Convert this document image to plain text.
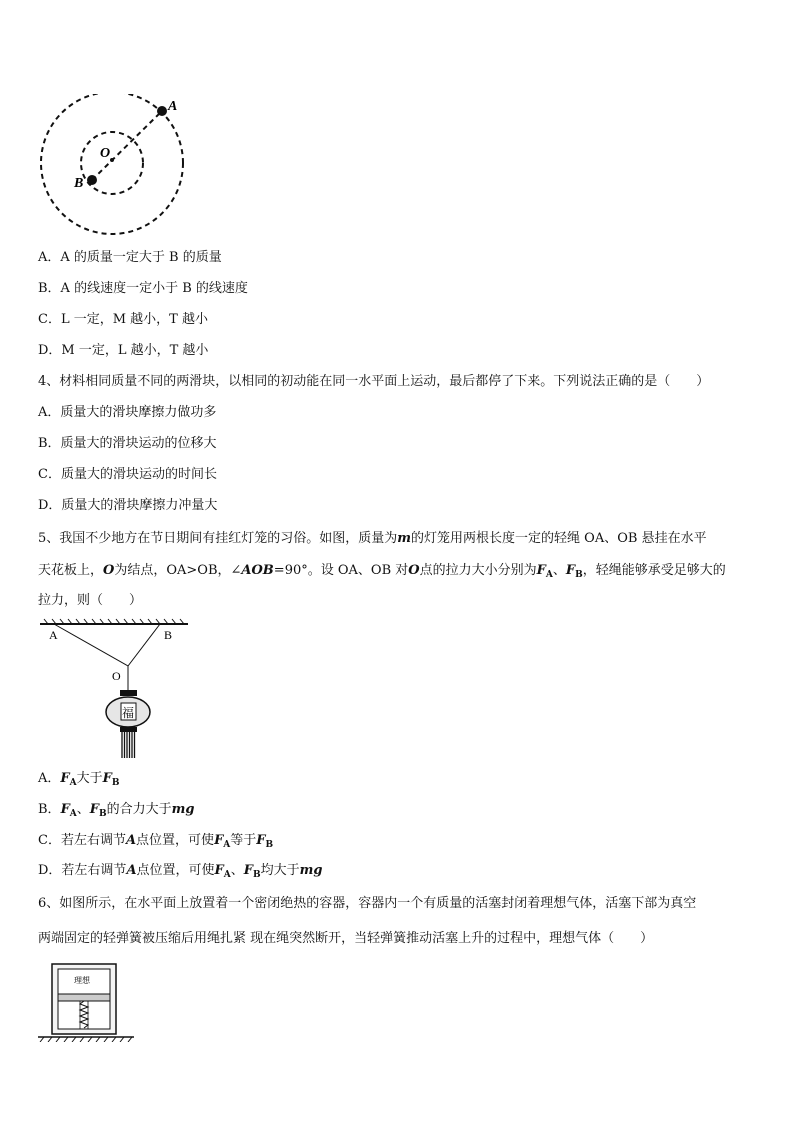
A
B
O
A．A 的质量一定大于 B 的质量
B．A 的线速度一定小于 B 的线速度
C．L 一定，M 越小，T 越小
D．M 一定，L 越小，T 越小
4、材料相同质量不同的两滑块，以相同的初动能在同一水平面上运动，最后都停了下来。下列说法正确的是（　　）
A．质量大的滑块摩擦力做功多
B．质量大的滑块运动的位移大
C．质量大的滑块运动的时间长
D．质量大的滑块摩擦力冲量大
5、我国不少地方在节日期间有挂红灯笼的习俗。如图，质量为m的灯笼用两根长度一定的轻绳 OA、OB 悬挂在水平
天花板上，O为结点，OA>OB，∠AOB=90°。设 OA、OB 对O点的拉力大小分别为$F_A$、$F_B$，轻绳能够承受足够大的
拉力，则（　　）
A	B
O
福
A．$F_A$大于$F_B$
B．$F_A$、$F_B$的合力大于mg
C．若左右调节A点位置，可使$F_A$等于$F_B$
D．若左右调节A点位置，可使$F_A$、$F_B$均大于mg
6、如图所示，在水平面上放置着一个密闭绝热的容器，容器内一个有质量的活塞封闭着理想气体，活塞下部为真空
两端固定的轻弹簧被压缩后用绳扎紧 现在绳突然断开，当轻弹簧推动活塞上升的过程中，理想气体（　　）
理想
